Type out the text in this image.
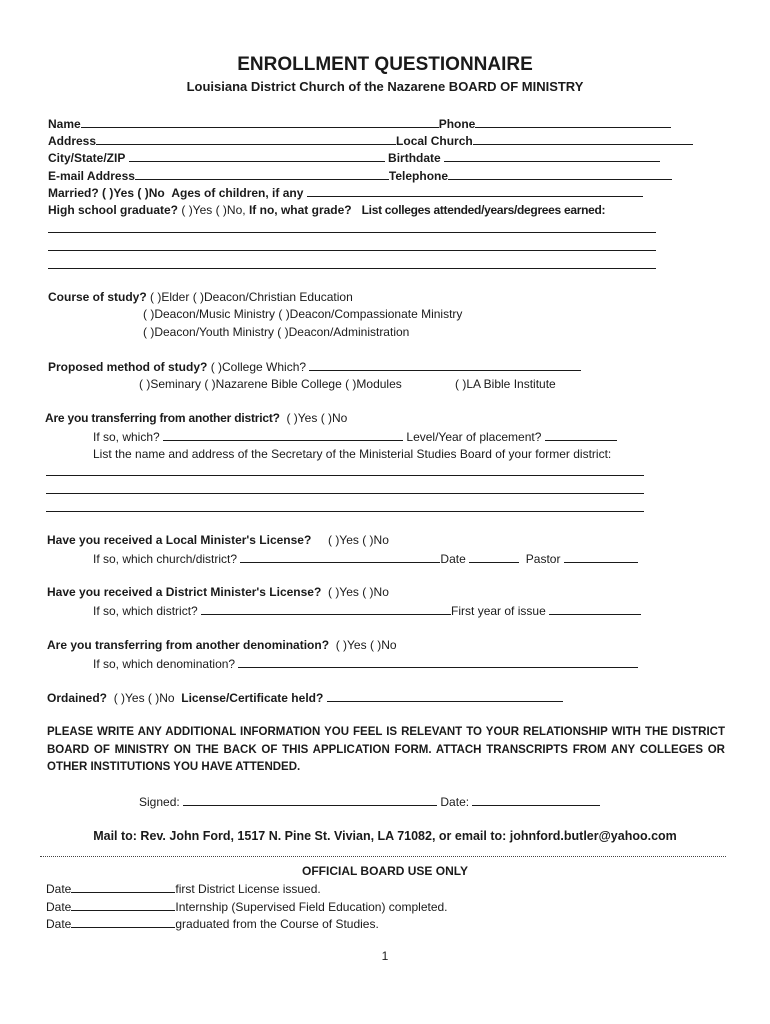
ENROLLMENT QUESTIONNAIRE
Louisiana District Church of the Nazarene BOARD OF MINISTRY
Name	Phone
Address	Local Church
City/State/ZIP	Birthdate
E-mail Address	Telephone
Married? ( )Yes ( )No Ages of children, if any
High school graduate? ( )Yes ( )No, If no, what grade? List colleges attended/years/degrees earned:
Course of study? ( )Elder ( )Deacon/Christian Education
( )Deacon/Music Ministry ( )Deacon/Compassionate Ministry
( )Deacon/Youth Ministry ( )Deacon/Administration
Proposed method of study? ( )College Which?
( )Seminary ( )Nazarene Bible College ( )Modules	( )LA Bible Institute
Are you transferring from another district? ( )Yes ( )No
If so, which?	Level/Year of placement?
List the name and address of the Secretary of the Ministerial Studies Board of your former district:
Have you received a Local Minister's License? ( )Yes ( )No
If so, which church/district?	Date	Pastor
Have you received a District Minister's License? ( )Yes ( )No
If so, which district?	First year of issue
Are you transferring from another denomination? ( )Yes ( )No
If so, which denomination?
Ordained? ( )Yes ( )No License/Certificate held?
PLEASE WRITE ANY ADDITIONAL INFORMATION YOU FEEL IS RELEVANT TO YOUR RELATIONSHIP WITH THE DISTRICT BOARD OF MINISTRY ON THE BACK OF THIS APPLICATION FORM. ATTACH TRANSCRIPTS FROM ANY COLLEGES OR OTHER INSTITUTIONS YOU HAVE ATTENDED.
Signed:	Date:
Mail to: Rev. John Ford, 1517 N. Pine St. Vivian, LA 71082, or email to: johnford.butler@yahoo.com
OFFICIAL BOARD USE ONLY
Date	first District License issued.
Date	Internship (Supervised Field Education) completed.
Date	graduated from the Course of Studies.
1
